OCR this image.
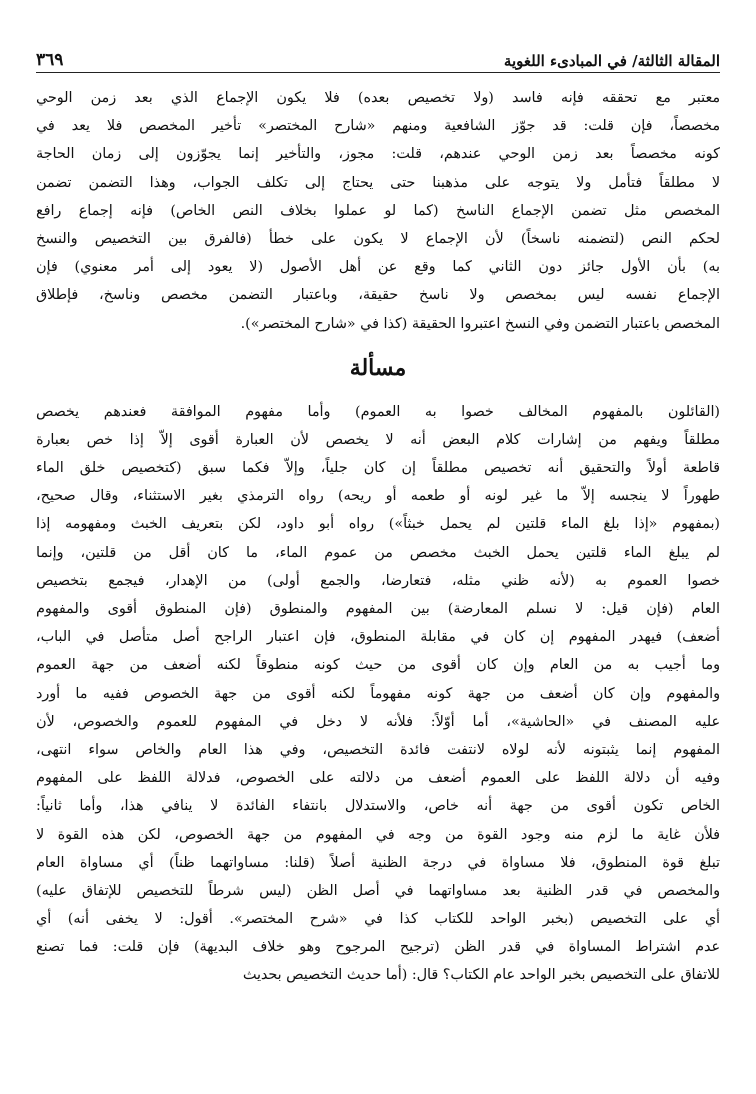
المقالة الثالثة/ في المبادىء اللغوية
٣٦٩
معتبر مع تحققه فإنه فاسد (ولا تخصيص بعده) فلا يكون الإجماع الذي بعد زمن الوحي
مخصصاً، فإن قلت: قد جوّز الشافعية ومنهم «شارح المختصر» تأخير المخصص فلا يعد في
كونه مخصصاً بعد زمن الوحي عندهم، قلت: مجوز، والتأخير إنما يجوّزون إلى زمان الحاجة
لا مطلقاً فتأمل ولا يتوجه على مذهبنا حتى يحتاج إلى تكلف الجواب، وهذا التضمن تضمن
المخصص مثل تضمن الإجماع الناسخ (كما لو عملوا بخلاف النص الخاص) فإنه إجماع رافع
لحكم النص (لتضمنه ناسخاً) لأن الإجماع لا يكون على خطأ (فالفرق بين التخصيص والنسخ
به) بأن الأول جائز دون الثاني كما وقع عن أهل الأصول (لا يعود إلى أمر معنوي) فإن
الإجماع نفسه ليس بمخصص ولا ناسخ حقيقة، وباعتبار التضمن مخصص وناسخ، فإطلاق
المخصص باعتبار التضمن وفي النسخ اعتبروا الحقيقة (كذا في «شارح المختصر»).
مسألة
(القائلون بالمفهوم المخالف خصوا به العموم) وأما مفهوم الموافقة فعندهم يخصص
مطلقاً ويفهم من إشارات كلام البعض أنه لا يخصص لأن العبارة أقوى إلاّ إذا خص بعبارة
قاطعة أولاً والتحقيق أنه تخصيص مطلقاً إن كان جلياً، وإلاّ فكما سبق (كتخصيص خلق الماء
طهوراً لا ينجسه إلاّ ما غير لونه أو طعمه أو ريحه) رواه الترمذي بغير الاستثناء، وقال صحيح،
(بمفهوم «إذا بلغ الماء قلتين لم يحمل خبثاً») رواه أبو داود، لكن بتعريف الخبث ومفهومه إذا
لم يبلغ الماء قلتين يحمل الخبث مخصص من عموم الماء، ما كان أقل من قلتين، وإنما
خصوا العموم به (لأنه ظني مثله، فتعارضا، والجمع أولى) من الإهدار، فيجمع بتخصيص
العام (فإن قيل: لا نسلم المعارضة) بين المفهوم والمنطوق (فإن المنطوق أقوى والمفهوم
أضعف) فيهدر المفهوم إن كان في مقابلة المنطوق، فإن اعتبار الراجح أصل متأصل في الباب،
وما أجيب به من العام وإن كان أقوى من حيث كونه منطوقاً لكنه أضعف من جهة العموم
والمفهوم وإن كان أضعف من جهة كونه مفهوماً لكنه أقوى من جهة الخصوص ففيه ما أورد
عليه المصنف في «الحاشية»، أما أوّلاً: فلأنه لا دخل في المفهوم للعموم والخصوص، لأن
المفهوم إنما يثبتونه لأنه لولاه لانتفت فائدة التخصيص، وفي هذا العام والخاص سواء انتهى،
وفيه أن دلالة اللفظ على العموم أضعف من دلالته على الخصوص، فدلالة اللفظ على المفهوم
الخاص تكون أقوى من جهة أنه خاص، والاستدلال بانتفاء الفائدة لا ينافي هذا، وأما ثانياً:
فلأن غاية ما لزم منه وجود القوة من وجه في المفهوم من جهة الخصوص، لكن هذه القوة لا
تبلغ قوة المنطوق، فلا مساواة في درجة الظنية أصلاً (قلنا: مساواتهما ظناً) أي مساواة العام
والمخصص في قدر الظنية بعد مساواتهما في أصل الظن (ليس شرطاً للتخصيص للإتفاق عليه)
أي على التخصيص (بخبر الواحد للكتاب كذا في «شرح المختصر». أقول: لا يخفى أنه) أي
عدم اشتراط المساواة في قدر الظن (ترجيح المرجوح وهو خلاف البديهة) فإن قلت: فما تصنع
للاتفاق على التخصيص بخبر الواحد عام الكتاب؟ قال: (أما حديث التخصيص بحديث
